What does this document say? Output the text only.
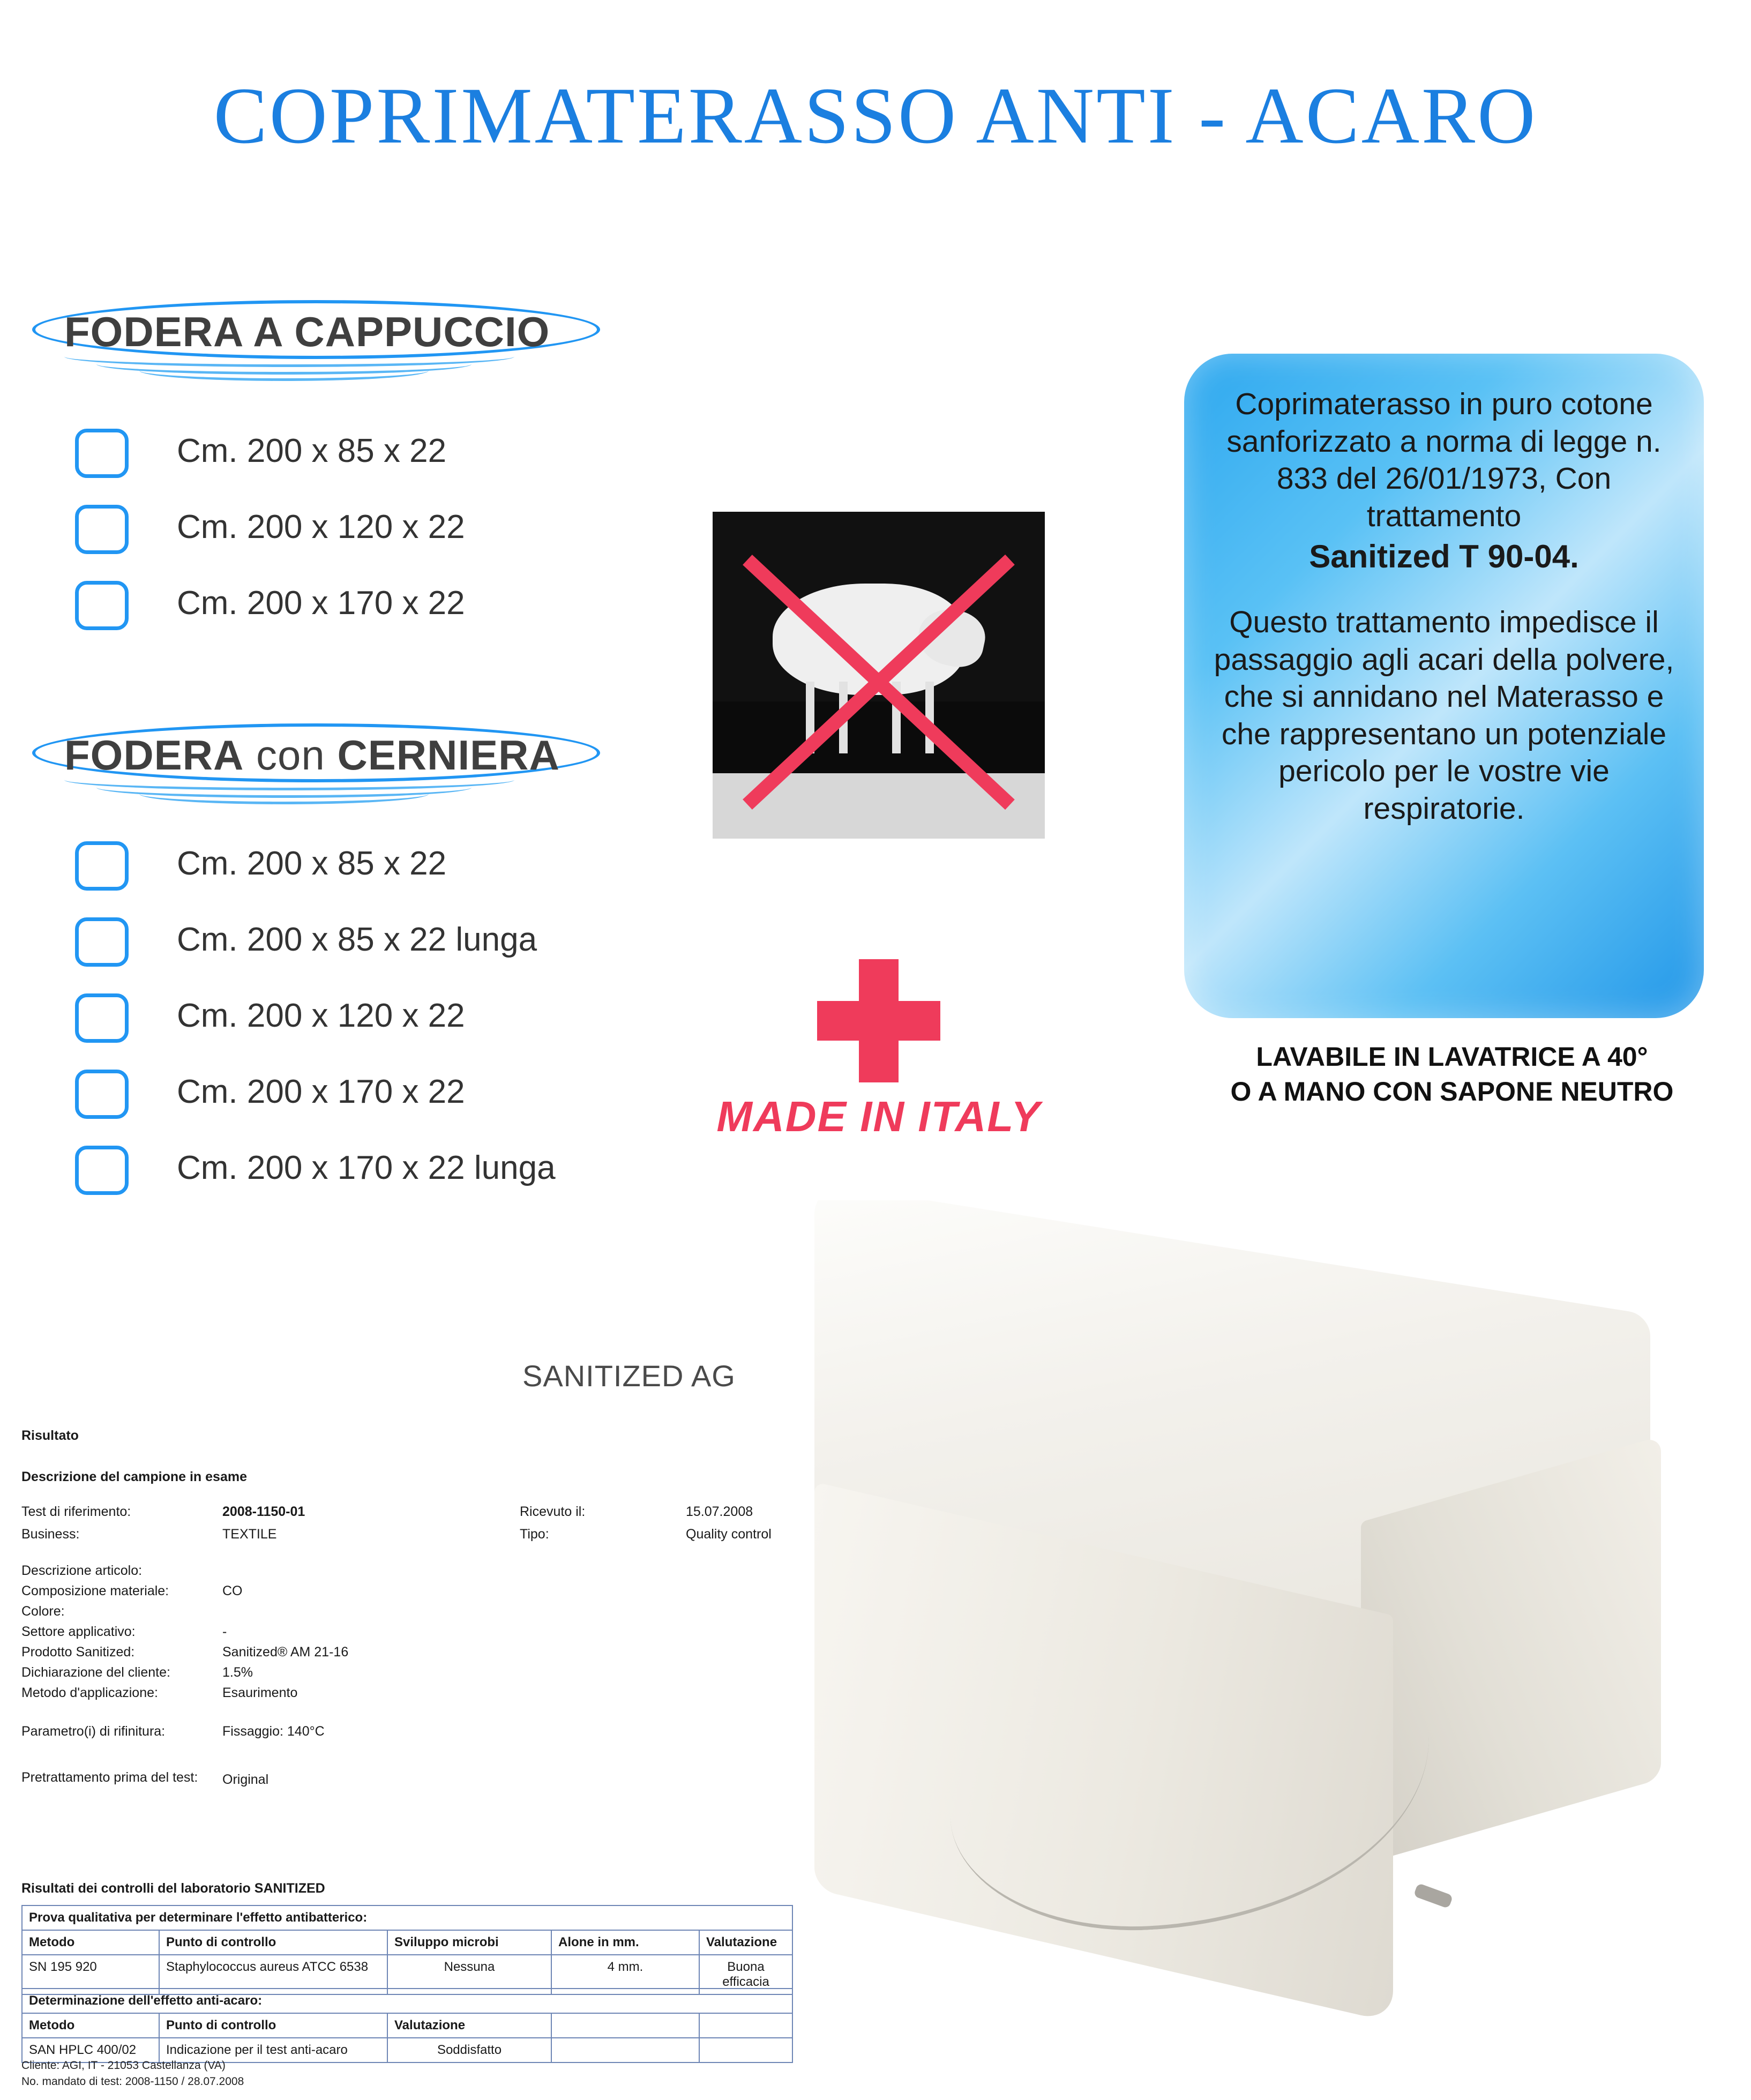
COPRIMATERASSO ANTI - ACARO
FODERA A CAPPUCCIO
Cm. 200 x 85 x 22
Cm. 200 x 120 x 22
Cm. 200 x 170 x 22
FODERA con CERNIERA
Cm. 200 x 85 x 22
Cm. 200 x 85 x 22 lunga
Cm. 200 x 120 x 22
Cm. 200 x 170 x 22
Cm. 200 x 170 x 22 lunga
MADE IN ITALY

Coprimaterasso in puro cotone sanforizzato a norma di legge n. 833 del 26/01/1973, Con trattamento
Sanitized T 90-04.

Questo trattamento impedisce il passaggio agli acari della polvere, che si annidano nel Materasso e che rappresentano un potenziale pericolo per le vostre vie respiratorie.

LAVABILE IN LAVATRICE A 40°
O A MANO CON SAPONE NEUTRO
SANITIZED AG
Risultato
Descrizione del campione in esame
Test di riferimento:	2008-1150-01
Business:	TEXTILE
Descrizione articolo:
Composizione materiale:	CO
Colore:
Settore applicativo:	-
Prodotto Sanitized:	Sanitized® AM 21-16
Dichiarazione del cliente:	1.5%
Metodo d'applicazione:	Esaurimento
Parametro(i) di rifinitura:	Fissaggio: 140°C
Pretrattamento prima del test:	Original
Ricevuto il:	15.07.2008
Tipo:	Quality control
Risultati dei controlli del laboratorio SANITIZED
Prova qualitativa per determinare l'effetto antibatterico:				
Metodo	Punto di controllo	Sviluppo microbi	Alone in mm.	Valutazione
SN 195 920	Staphylococcus aureus ATCC 6538	Nessuna	4 mm.	Buona efficacia
Determinazione dell'effetto anti-acaro:				
Metodo	Punto di controllo	Valutazione		
SAN HPLC 400/02	Indicazione per il test anti-acaro	Soddisfatto		
Cliente: AGI, IT - 21053 Castellanza (VA)
No. mandato di test: 2008-1150 / 28.07.2008
